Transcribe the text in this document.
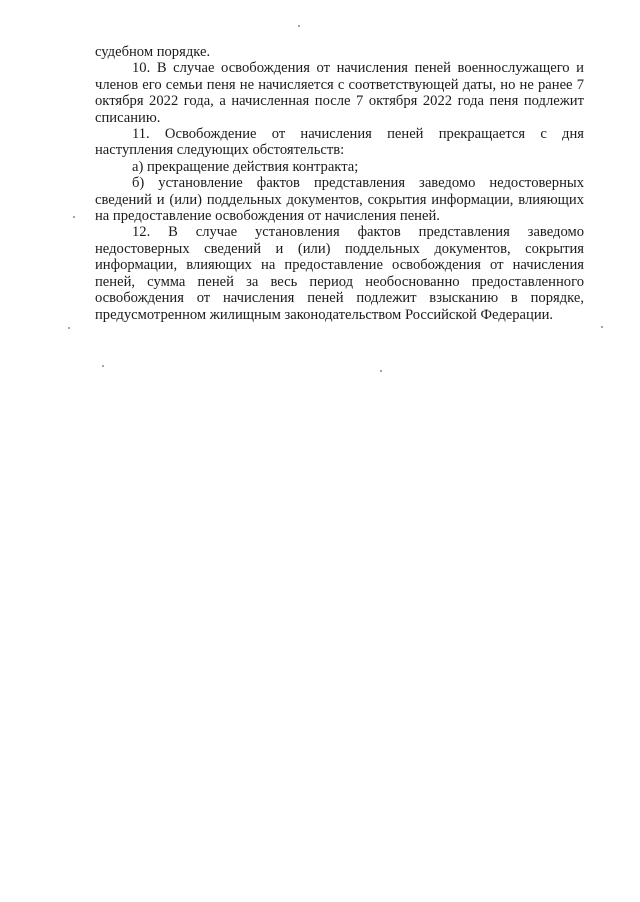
судебном порядке.

10. В случае освобождения от начисления пеней военнослужащего и членов его семьи пеня не начисляется с соответствующей даты, но не ранее 7 октября 2022 года, а начисленная после 7 октября 2022 года пеня подлежит списанию.

11. Освобождение от начисления пеней прекращается с дня наступления следующих обстоятельств:

а) прекращение действия контракта;

б) установление фактов представления заведомо недостоверных сведений и (или) поддельных документов, сокрытия информации, влияющих на предоставление освобождения от начисления пеней.

12. В случае установления фактов представления заведомо недостоверных сведений и (или) поддельных документов, сокрытия информации, влияющих на предоставление освобождения от начисления пеней, сумма пеней за весь период необоснованно предоставленного освобождения от начисления пеней подлежит взысканию в порядке, предусмотренном жилищным законодательством Российской Федерации.
